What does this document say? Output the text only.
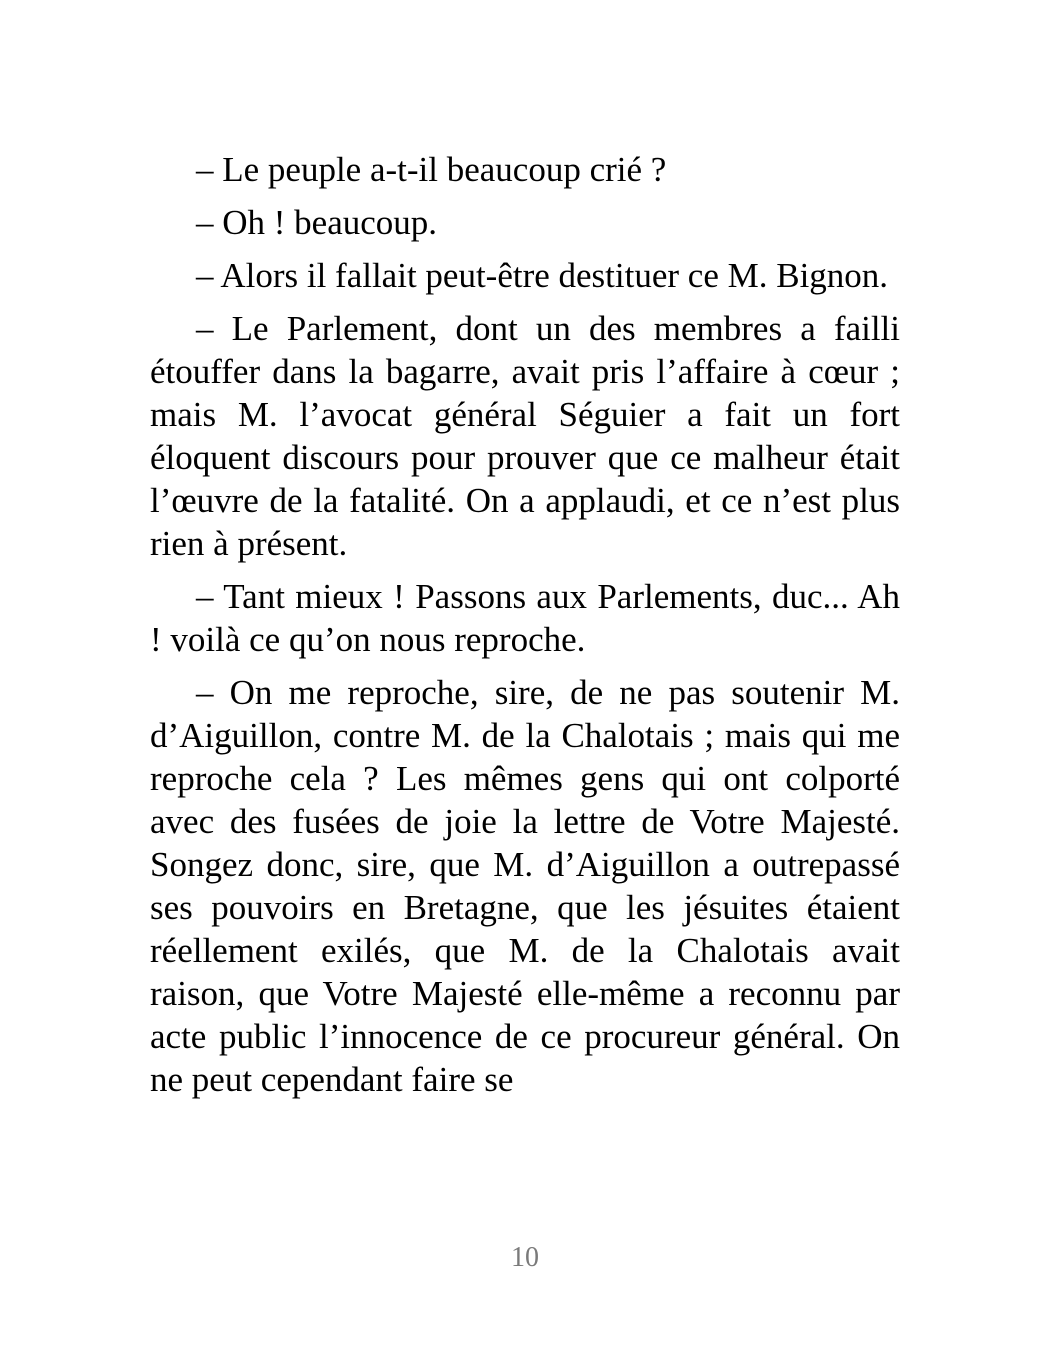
– Le peuple a-t-il beaucoup crié ?

– Oh ! beaucoup.

– Alors il fallait peut-être destituer ce M. Bignon.

– Le Parlement, dont un des membres a failli étouffer dans la bagarre, avait pris l’affaire à cœur ; mais M. l’avocat général Séguier a fait un fort éloquent discours pour prouver que ce malheur était l’œuvre de la fatalité. On a applaudi, et ce n’est plus rien à présent.

– Tant mieux ! Passons aux Parlements, duc... Ah ! voilà ce qu’on nous reproche.

– On me reproche, sire, de ne pas soutenir M. d’Aiguillon, contre M. de la Chalotais ; mais qui me reproche cela ? Les mêmes gens qui ont colporté avec des fusées de joie la lettre de Votre Majesté. Songez donc, sire, que M. d’Aiguillon a outrepassé ses pouvoirs en Bretagne, que les jésuites étaient réellement exilés, que M. de la Chalotais avait raison, que Votre Majesté elle-même a reconnu par acte public l’innocence de ce procureur général. On ne peut cependant faire se

10
